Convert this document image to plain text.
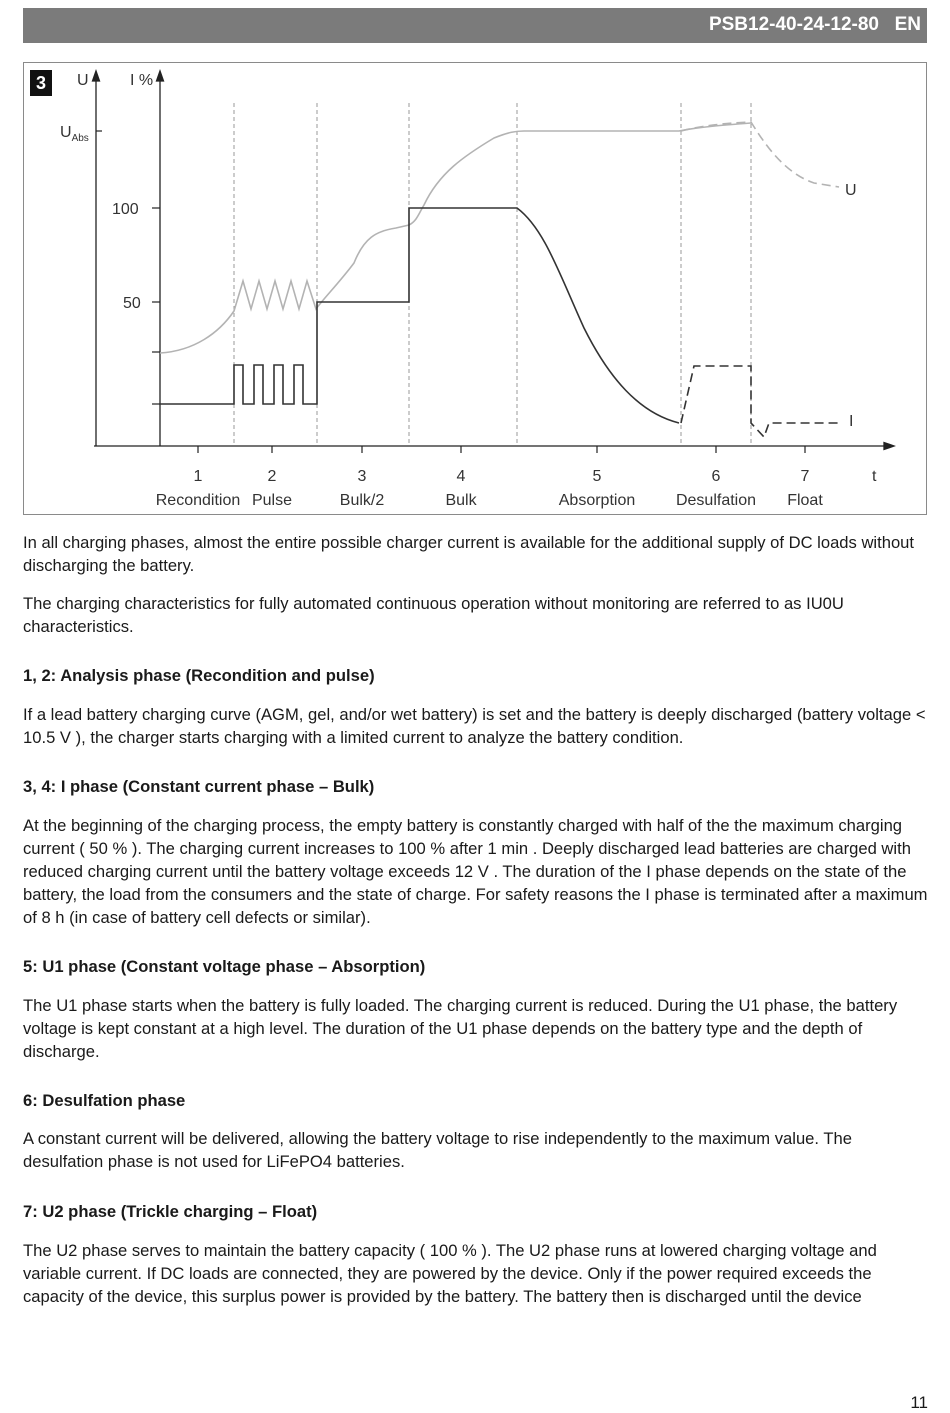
PSB12-40-24-12-80 EN
U	I %
$U_{Abs}$
100
50
t
U
I
1
Recondition
2
Pulse
3
Bulk/2
4
Bulk
5
Absorption
6
Desulfation
7
Float
3

In all charging phases, almost the entire possible charger current is available for the additional supply of DC loads without discharging the battery.

The charging characteristics for fully automated continuous operation without monitoring are referred to as IU0U characteristics.

1, 2: Analysis phase (Recondition and pulse)
If a lead battery charging curve (AGM, gel, and/or wet battery) is set and the battery is deeply discharged (battery voltage < 10.5 V ), the charger starts charging with a limited current to analyze the battery condition.
3, 4: I phase (Constant current phase – Bulk)
At the beginning of the charging process, the empty battery is constantly charged with half of the the maximum charging current ( 50 % ). The charging current increases to 100 % after 1 min . Deeply discharged lead batteries are charged with reduced charging current until the battery voltage exceeds 12 V . The duration of the I phase depends on the state of the battery, the load from the consumers and the state of charge. For safety reasons the I phase is terminated after a maximum of 8 h (in case of battery cell defects or similar).
5: U1 phase (Constant voltage phase – Absorption)
The U1 phase starts when the battery is fully loaded. The charging current is reduced. During the U1 phase, the battery voltage is kept constant at a high level. The duration of the U1 phase depends on the battery type and the depth of discharge.
6: Desulfation phase
A constant current will be delivered, allowing the battery voltage to rise independently to the maximum value. The desulfation phase is not used for LiFePO4 batteries.
7: U2 phase (Trickle charging – Float)
The U2 phase serves to maintain the battery capacity ( 100 % ). The U2 phase runs at lowered charging voltage and variable current. If DC loads are connected, they are powered by the device. Only if the power required exceeds the capacity of the device, this surplus power is provided by the battery. The battery then is discharged until the device
11
